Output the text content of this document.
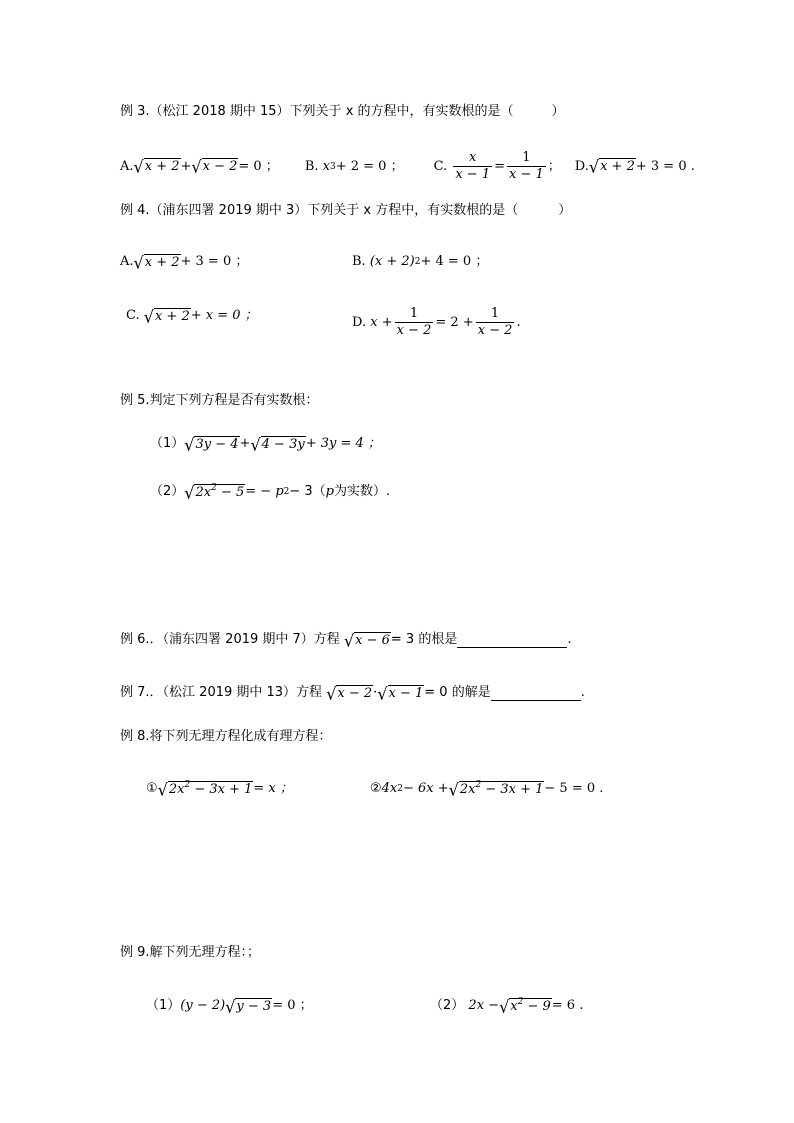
例 3.（松江 2018 期中 15）下列关于 x 的方程中，有实数根的是（	）
A. √ x + 2 + √ x − 2 = 0 ； B.
x 3 + 2 = 0 ； C.
$\frac{x}{x - 1} = \frac{1}{x - 1}$ ； D. √ x + 2 + 3 = 0 .
例 4.（浦东四署 2019 期中 3）下列关于 x 方程中，有实数根的是（	）
A. √ x + 2 + 3 = 0 ；	B.
(x + 2) 2 + 4 = 0 ；
C.
√ x + 2 + x = 0 ；	D.
$x + \frac{1}{x - 2} = 2 + \frac{1}{x - 2}$ .
例 5.判定下列方程是否有实数根：
（1） √ 3y − 4 + √ 4 − 3y + 3y = 4 ；
（2） √ $2x^2 - 5$ = − p 2 − 3（ p 为实数）.
例 6.．（浦东四署 2019 期中 7）方程
√ x − 6 = 3 的根是	.
例 7.．（松江 2019 期中 13）方程
√ x − 2 · √ x − 1 = 0 的解是	.
例 8.将下列无理方程化成有理方程：
① √ $2x^2 - 3x + 1 = x$ ；	② 4x 2 − 6x + √ $2x^2 - 3x + 1 - 5 = 0$ .
例 9.解下列无理方程：；
（1） (y − 2) √ y − 3 = 0 ；	（2）
2x − √ $x^2 - 9 = 6$ .
